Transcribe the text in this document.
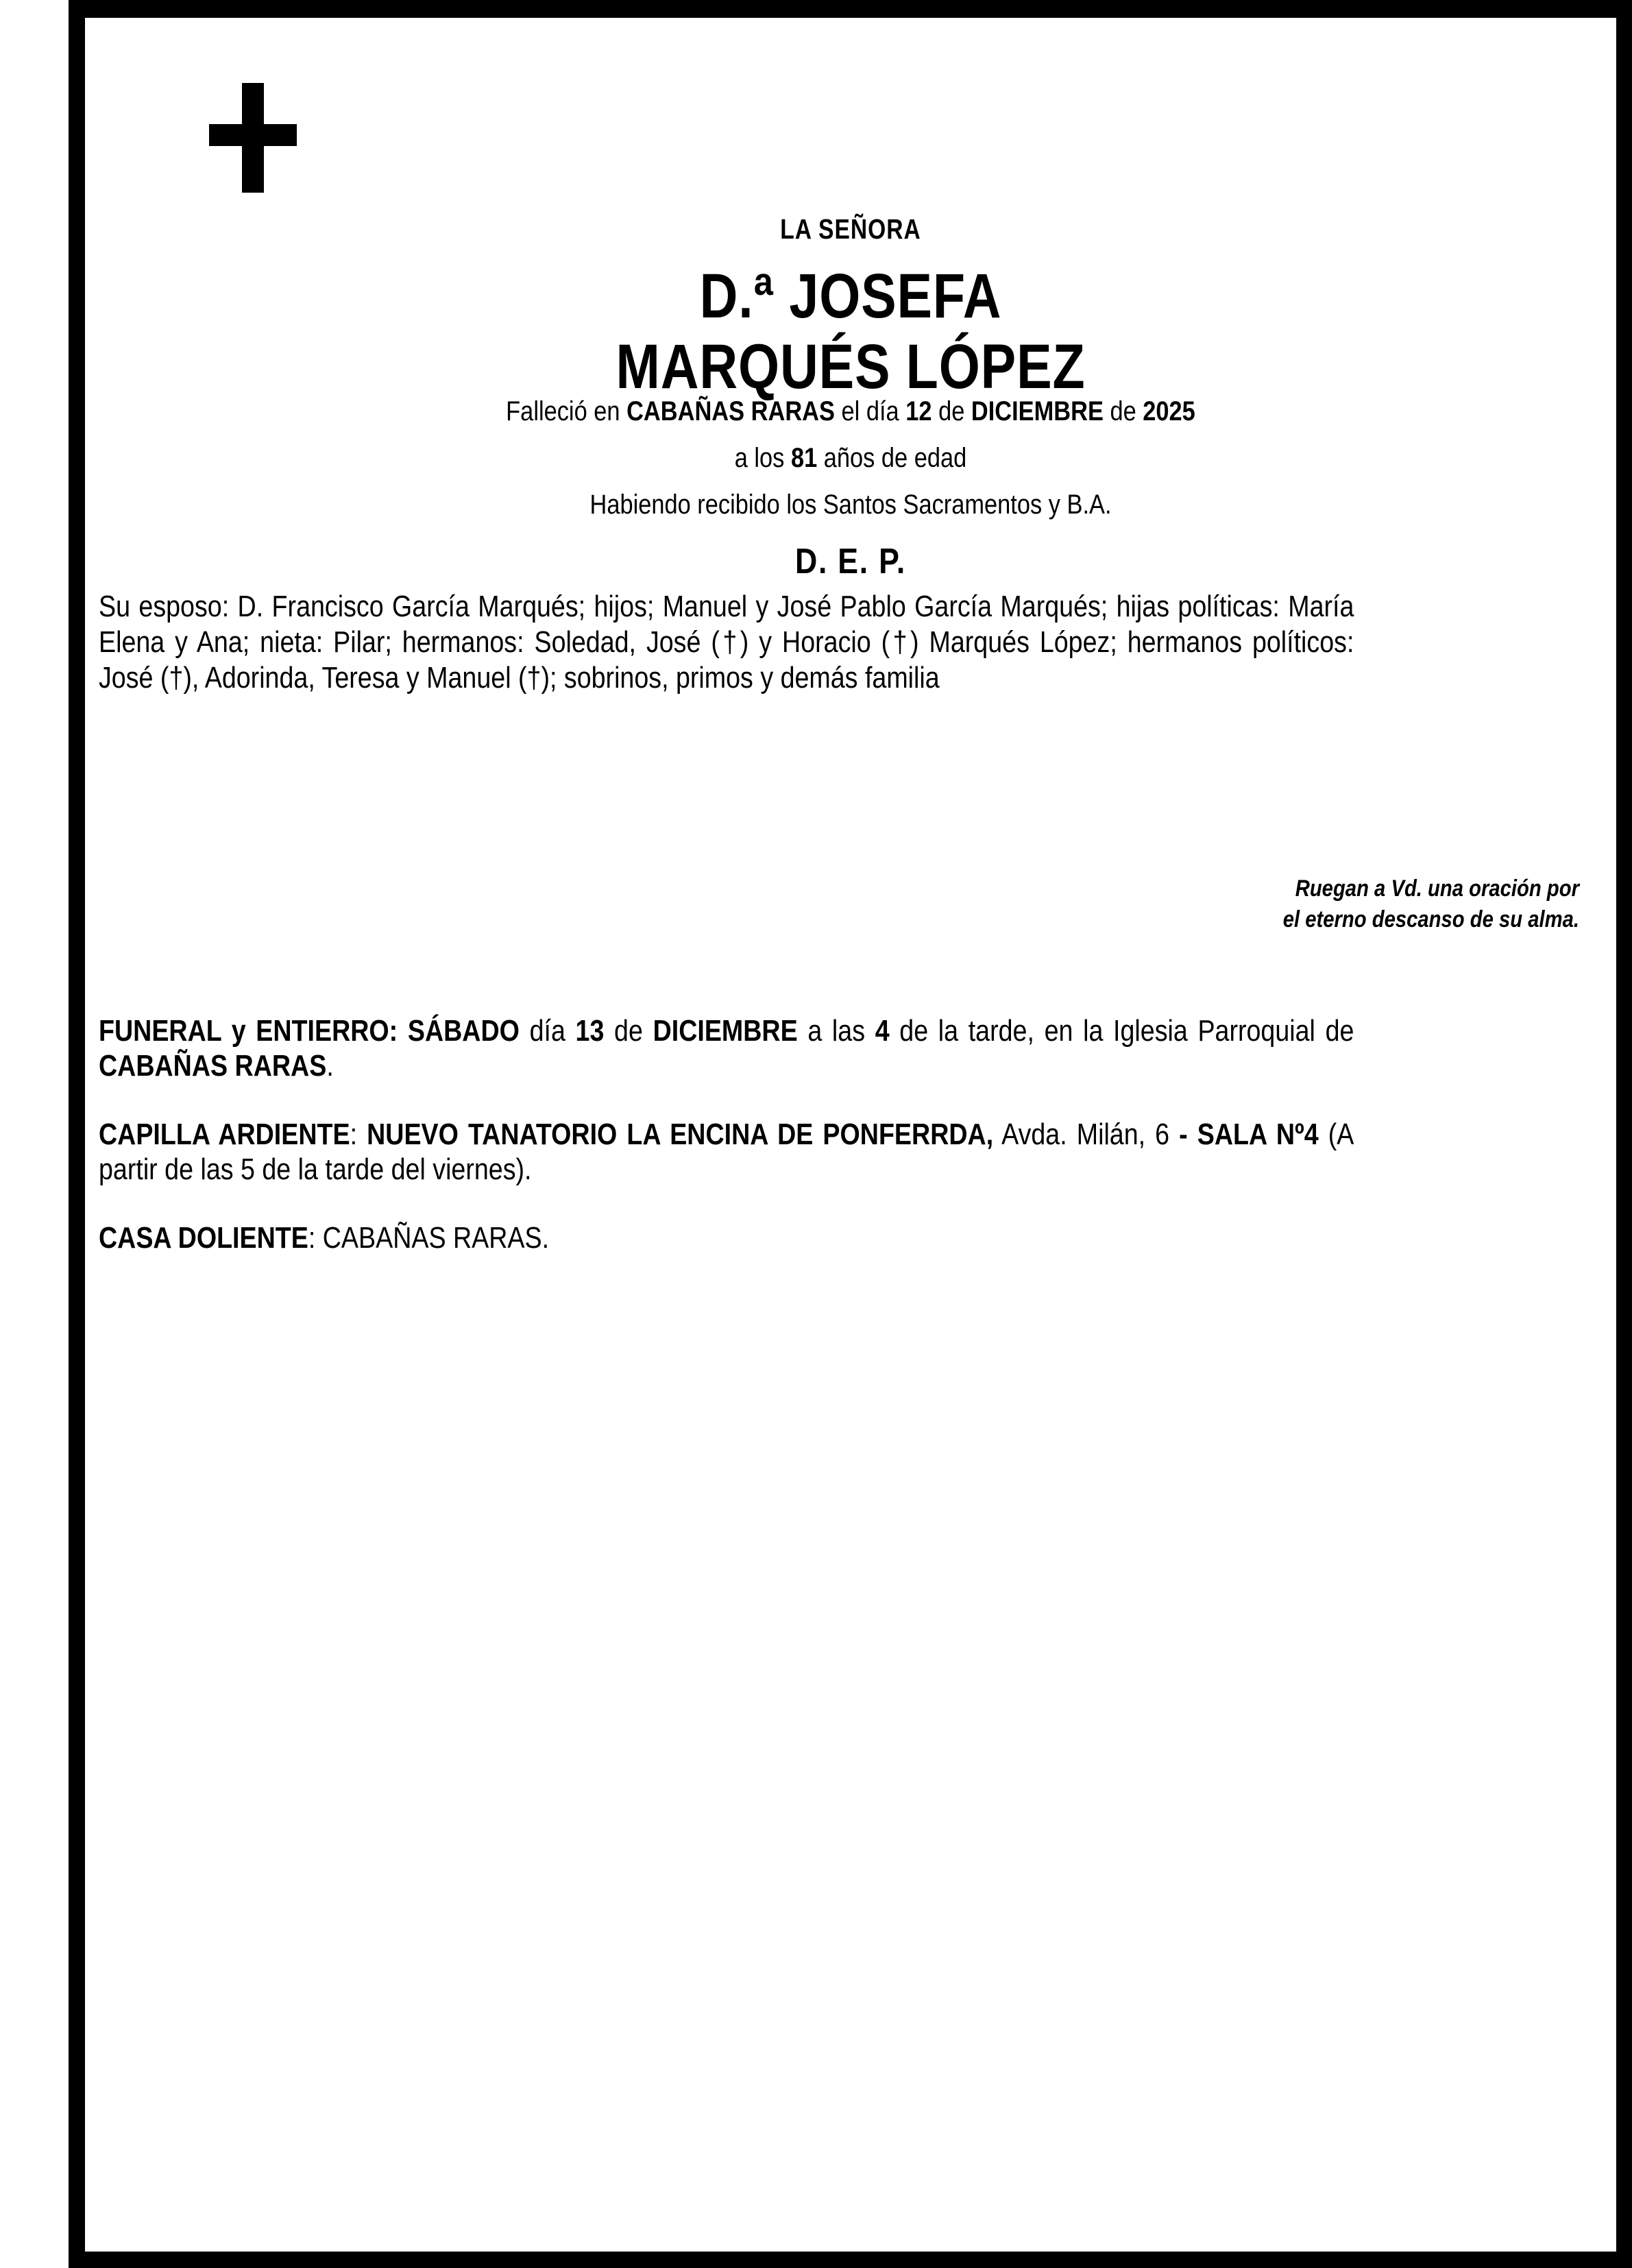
LA SEÑORA
D.ª JOSEFA
MARQUÉS LÓPEZ
Falleció en CABAÑAS RARAS el día 12 de DICIEMBRE de 2025
a los 81 años de edad
Habiendo recibido los Santos Sacramentos y B.A.
D. E. P.
Su esposo: D. Francisco García Marqués; hijos; Manuel y José Pablo García Marqués; hijas políticas: María Elena y Ana; nieta: Pilar; hermanos: Soledad, José (†) y Horacio (†) Marqués López; hermanos políticos: José (†), Adorinda, Teresa y Manuel (†); sobrinos, primos y demás familia
Ruegan a Vd. una oración por
el eterno descanso de su alma.

FUNERAL y ENTIERRO: SÁBADO día 13 de DICIEMBRE a las 4 de la tarde, en la Iglesia Parroquial de CABAÑAS RARAS.

CAPILLA ARDIENTE: NUEVO TANATORIO LA ENCINA DE PONFERRDA, Avda. Milán, 6 - SALA Nº4 (A partir de las 5 de la tarde del viernes).

CASA DOLIENTE: CABAÑAS RARAS.
